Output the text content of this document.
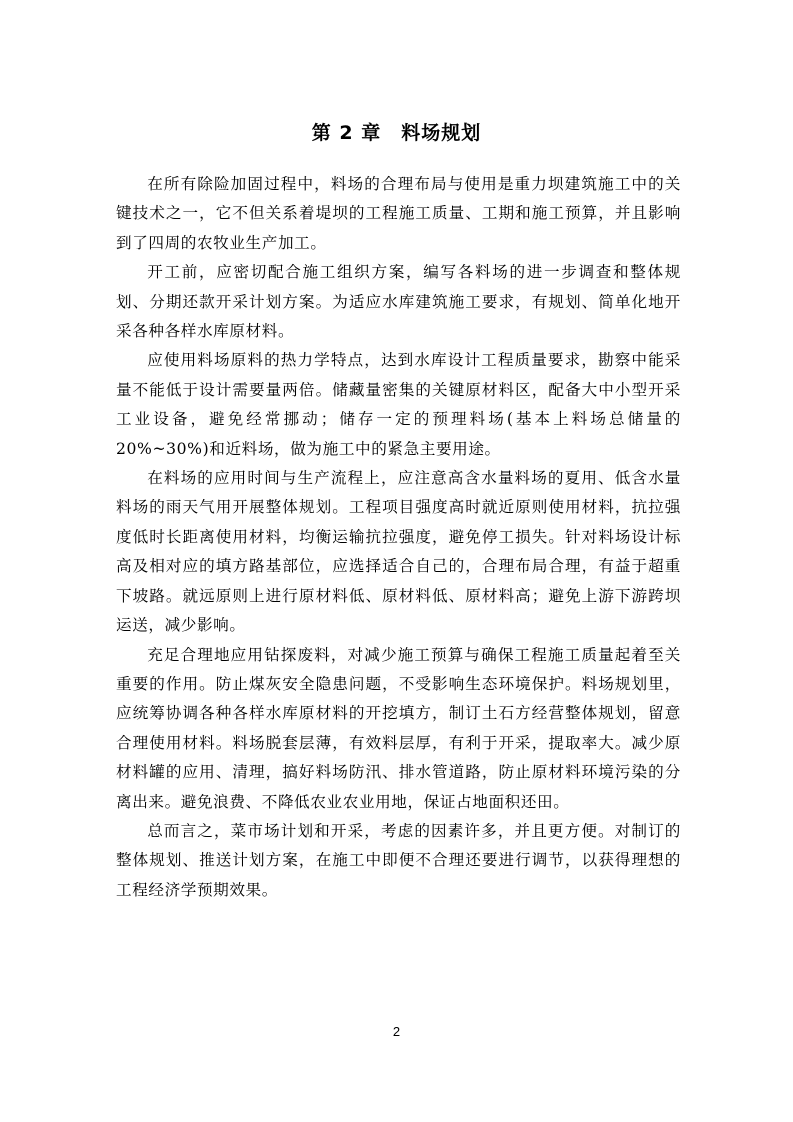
第 2 章　料场规划

在所有除险加固过程中，料场的合理布局与使用是重力坝建筑施工中的关键技术之一，它不但关系着堤坝的工程施工质量、工期和施工预算，并且影响到了四周的农牧业生产加工。

开工前，应密切配合施工组织方案，编写各料场的进一步调查和整体规划、分期还款开采计划方案。为适应水库建筑施工要求，有规划、简单化地开采各种各样水库原材料。

应使用料场原料的热力学特点，达到水库设计工程质量要求，勘察中能采量不能低于设计需要量两倍。储藏量密集的关键原材料区，配备大中小型开采工业设备，避免经常挪动；储存一定的预理料场(基本上料场总储量的 20%~30%)和近料场，做为施工中的紧急主要用途。

在料场的应用时间与生产流程上，应注意高含水量料场的夏用、低含水量料场的雨天气用开展整体规划。工程项目强度高时就近原则使用材料，抗拉强度低时长距离使用材料，均衡运输抗拉强度，避免停工损失。针对料场设计标高及相对应的填方路基部位，应选择适合自己的，合理布局合理，有益于超重下坡路。就远原则上进行原材料低、原材料低、原材料高；避免上游下游跨坝运送，减少影响。

充足合理地应用钻探废料，对减少施工预算与确保工程施工质量起着至关重要的作用。防止煤灰安全隐患问题，不受影响生态环境保护。料场规划里，应统筹协调各种各样水库原材料的开挖填方，制订土石方经营整体规划，留意合理使用材料。料场脱套层薄，有效料层厚，有利于开采，提取率大。减少原材料罐的应用、清理，搞好料场防汛、排水管道路，防止原材料环境污染的分离出来。避免浪费、不降低农业农业用地，保证占地面积还田。

总而言之，菜市场计划和开采，考虑的因素许多，并且更方便。对制订的整体规划、推送计划方案，在施工中即便不合理还要进行调节，以获得理想的工程经济学预期效果。

2
